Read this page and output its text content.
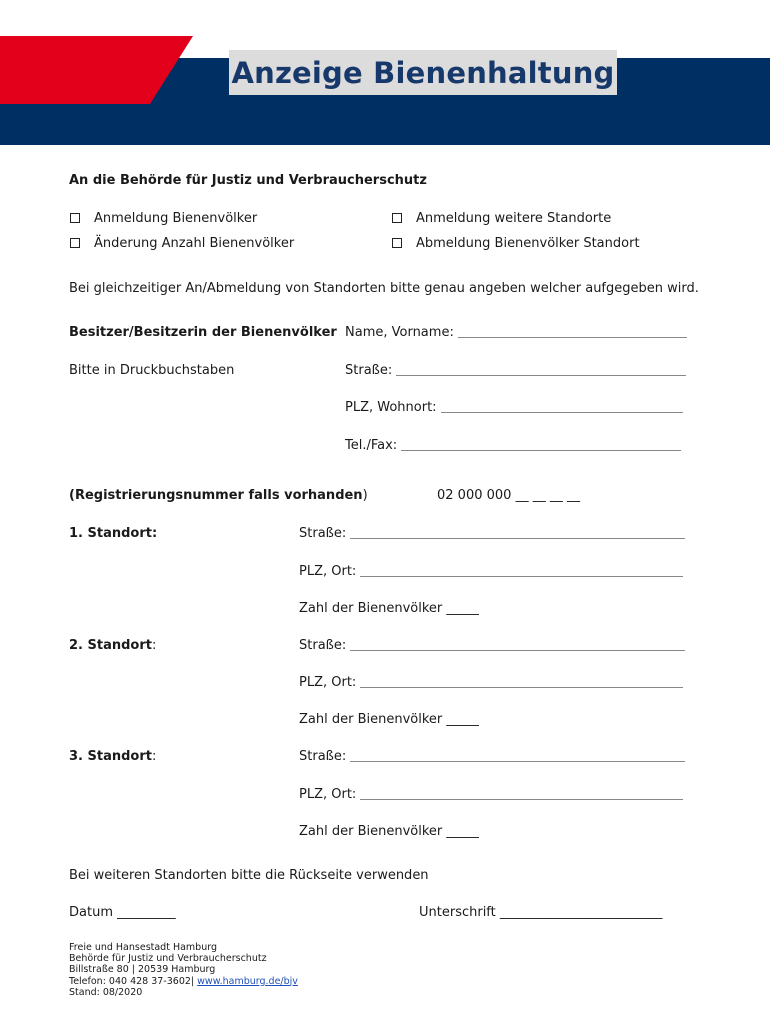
Anzeige Bienenhaltung
An die Behörde für Justiz und Verbraucherschutz
Anmeldung Bienenvölker
Änderung Anzahl Bienenvölker
Anmeldung weitere Standorte
Abmeldung Bienenvölker Standort
Bei gleichzeitiger An/Abmeldung von Standorten bitte genau angeben welcher aufgegeben wird.
Besitzer/Besitzerin der Bienenvölker
Bitte in Druckbuchstaben
Name, Vorname:
Straße:
PLZ, Wohnort:
Tel./Fax:
(Registrierungsnummer falls vorhanden)	02 000 000 __ __ __ __
1. Standort:	Straße:
PLZ, Ort:
Zahl der Bienenvölker _____
2. Standort:	Straße:
PLZ, Ort:
Zahl der Bienenvölker _____
3. Standort:	Straße:
PLZ, Ort:
Zahl der Bienenvölker _____
Bei weiteren Standorten bitte die Rückseite verwenden
Datum _________	Unterschrift _________________________
Freie und Hansestadt Hamburg
Behörde für Justiz und Verbraucherschutz
Billstraße 80 | 20539 Hamburg
Telefon: 040 428 37-3602| www.hamburg.de/bjv
Stand: 08/2020
